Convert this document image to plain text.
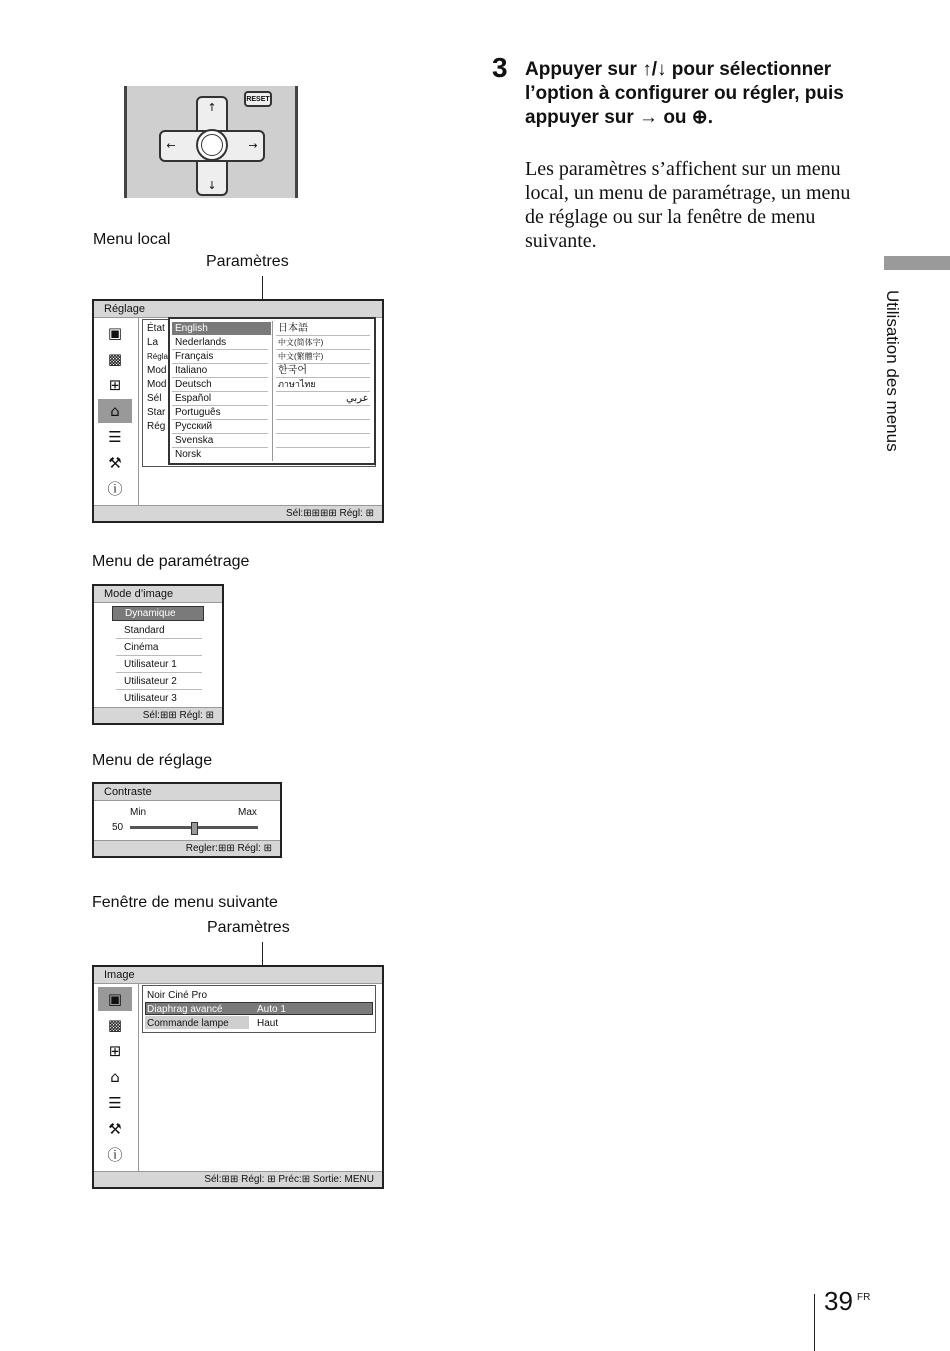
↑
↓
←	→
RESET
Menu local
Paramètres
Réglage
▣
▩
⊞
⌂
☰
⚒
ⓘ
État
La
Régla
Mod
Mod
Sél
Star
Rég
English
Nederlands
Français
Italiano
Deutsch
Español
Português
Русский
Svenska
Norsk
日本語
中文(简体字)
中文(繁體字)
한국어
ภาษาไทย
عربي
Sél:⊞⊞⊞⊞ Régl: ⊞
Menu de paramétrage
Mode d’image
Dynamique
Standard
Cinéma
Utilisateur 1
Utilisateur 2
Utilisateur 3
Sél:⊞⊞ Régl: ⊞
Menu de réglage
Contraste
Min	Max
50
Regler:⊞⊞ Régl: ⊞
Fenêtre de menu suivante
Paramètres
Image
▣
▩
⊞
⌂
☰
⚒
ⓘ
Noir Ciné Pro
Diaphrag avancé	Auto 1
Commande lampe	Haut
Sél:⊞⊞ Régl: ⊞ Préc:⊞ Sortie: MENU
3 Appuyer sur ↑/↓ pour sélectionner l’option à configurer ou régler, puis appuyer sur → ou ⊕.
Les paramètres s’affichent sur un menu local, un menu de paramétrage, un menu de réglage ou sur la fenêtre de menu suivante.
Utilisation des menus
39 FR
